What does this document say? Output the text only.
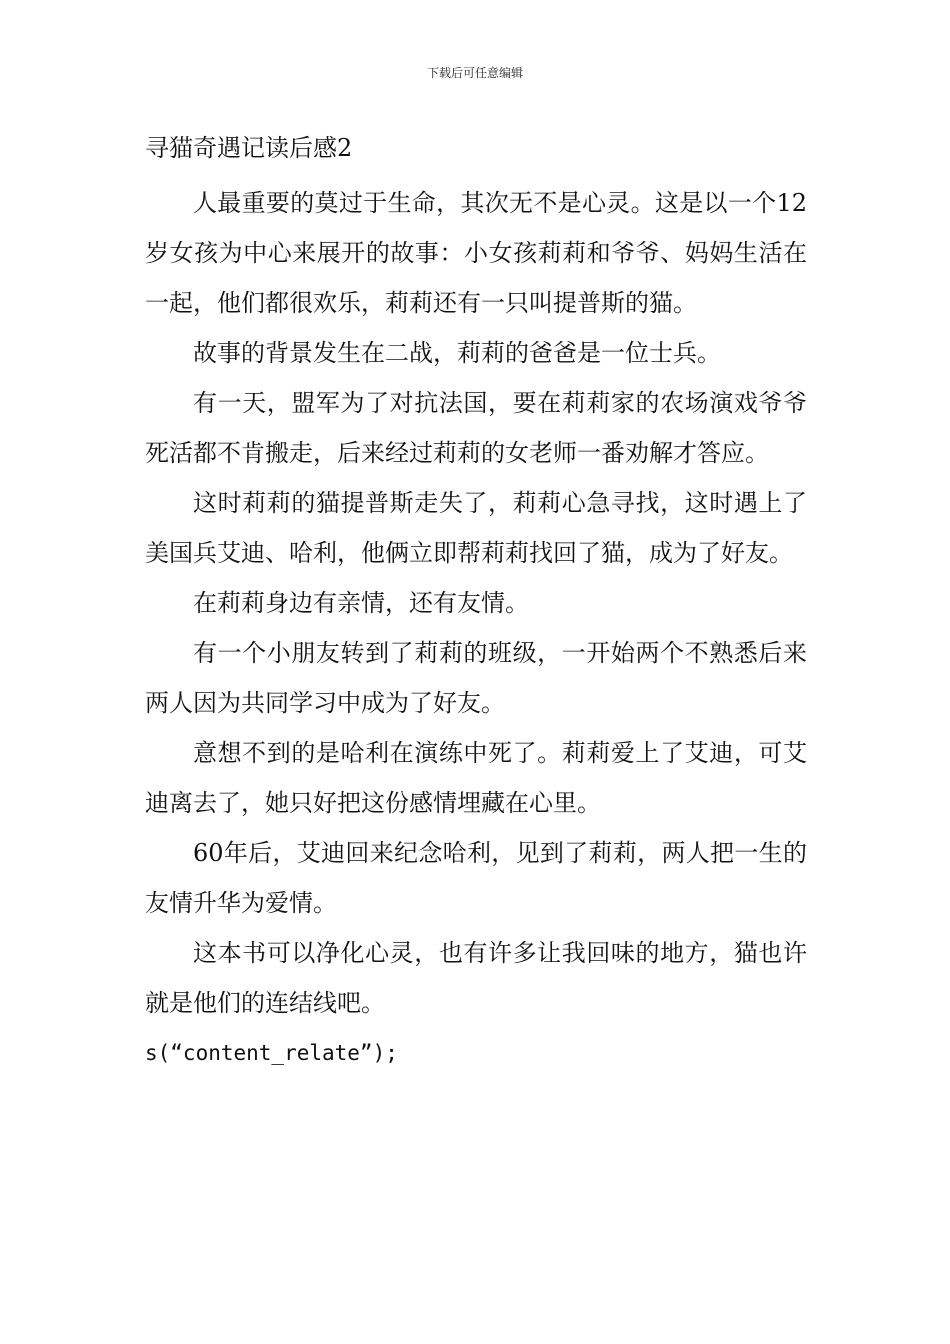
下载后可任意编辑
寻猫奇遇记读后感2

人最重要的莫过于生命，其次无不是心灵。这是以一个12岁女孩为中心来展开的故事：小女孩莉莉和爷爷、妈妈生活在一起，他们都很欢乐，莉莉还有一只叫提普斯的猫。

故事的背景发生在二战，莉莉的爸爸是一位士兵。

有一天，盟军为了对抗法国，要在莉莉家的农场演戏爷爷死活都不肯搬走，后来经过莉莉的女老师一番劝解才答应。

这时莉莉的猫提普斯走失了，莉莉心急寻找，这时遇上了美国兵艾迪、哈利，他俩立即帮莉莉找回了猫，成为了好友。

在莉莉身边有亲情，还有友情。

有一个小朋友转到了莉莉的班级，一开始两个不熟悉后来两人因为共同学习中成为了好友。

意想不到的是哈利在演练中死了。莉莉爱上了艾迪，可艾迪离去了，她只好把这份感情埋藏在心里。

60年后，艾迪回来纪念哈利，见到了莉莉，两人把一生的友情升华为爱情。

这本书可以净化心灵，也有许多让我回味的地方，猫也许就是他们的连结线吧。

s(“content_relate”);
